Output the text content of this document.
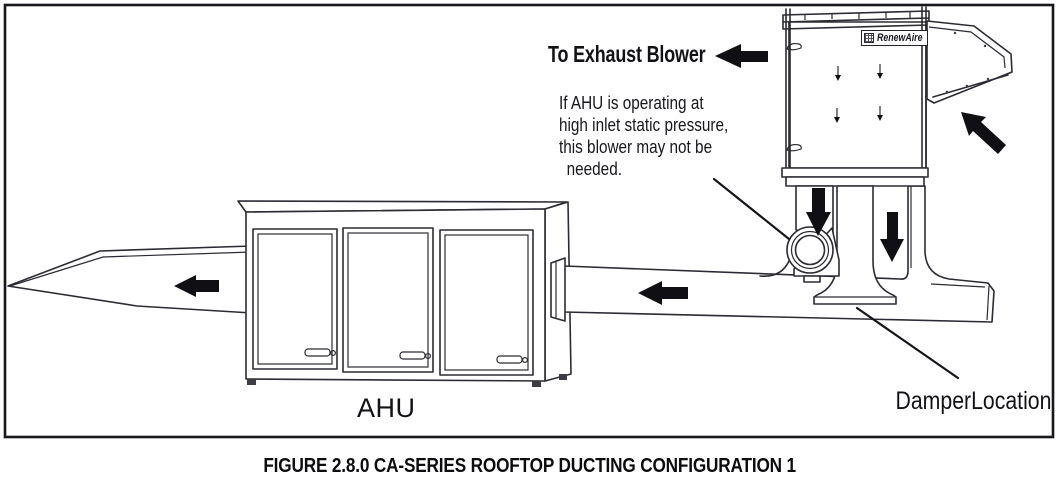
To Exhaust Blower
If AHU is operating at
high inlet static pressure,
this blower may not be
needed.
AHU	DamperLocation
RenewAire
FIGURE 2.8.0 CA-SERIES ROOFTOP DUCTING CONFIGURATION 1
